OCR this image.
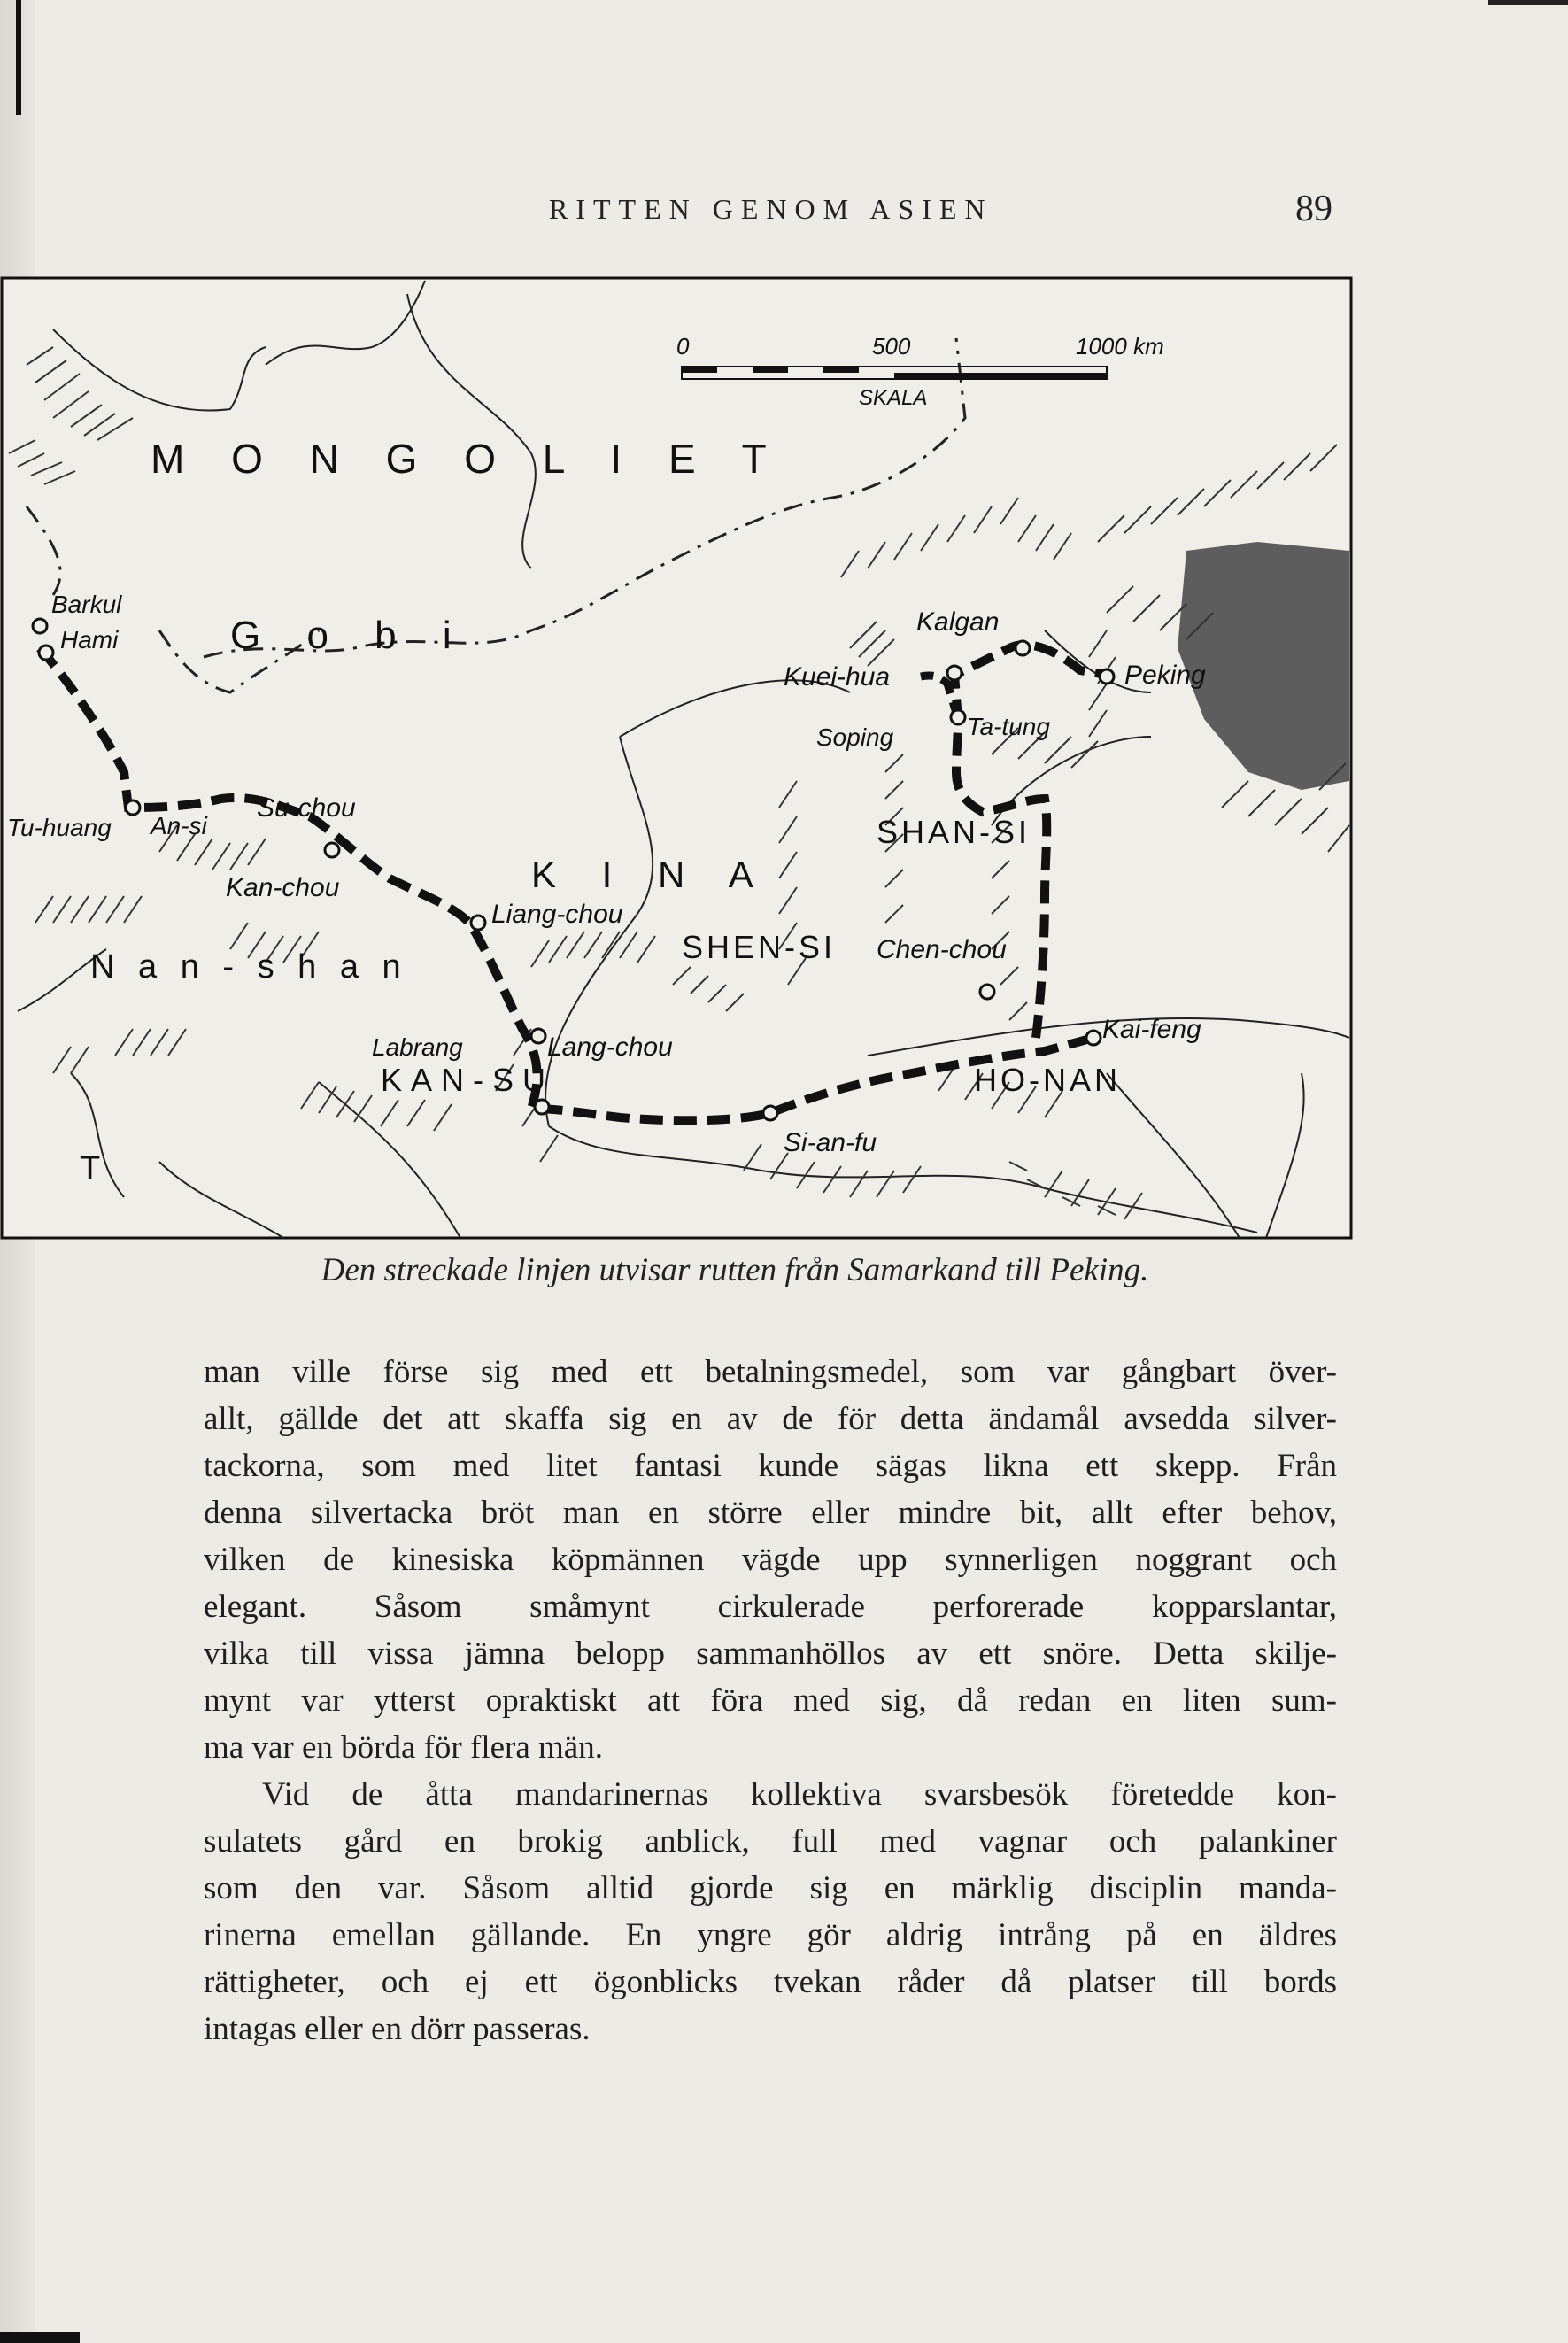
RITTEN GENOM ASIEN	89
0	500	1000 km
SKALA
M O N G O L I E T
G o b i
K I N A
N a n - s h a n
SHEN-SI
SHAN-SI
HO-NAN
KAN-SU
T
Barkul
Hami
Su-chou
An-si
Kan-chou
Tu-huang
Liang-chou
Lang-chou
Labrang
Kuei-hua
Kalgan
Peking
Soping	Ta-tung
Chen-chou
Kai-feng
Si-an-fu
Den streckade linjen utvisar rutten från Samarkand till Peking.

man ville förse sig med ett betalningsmedel, som var gångbart över-
allt, gällde det att skaffa sig en av de för detta ändamål avsedda silver-
tackorna, som med litet fantasi kunde sägas likna ett skepp. Från
denna silvertacka bröt man en större eller mindre bit, allt efter behov,
vilken de kinesiska köpmännen vägde upp synnerligen noggrant och
elegant. Såsom småmynt cirkulerade perforerade kopparslantar,
vilka till vissa jämna belopp sammanhöllos av ett snöre. Detta skilje-
mynt var ytterst opraktiskt att föra med sig, då redan en liten sum-
ma var en börda för flera män.

Vid de åtta mandarinernas kollektiva svarsbesök företedde kon-
sulatets gård en brokig anblick, full med vagnar och palankiner
som den var. Såsom alltid gjorde sig en märklig disciplin manda-
rinerna emellan gällande. En yngre gör aldrig intrång på en äldres
rättigheter, och ej ett ögonblicks tvekan råder då platser till bords
intagas eller en dörr passeras.
